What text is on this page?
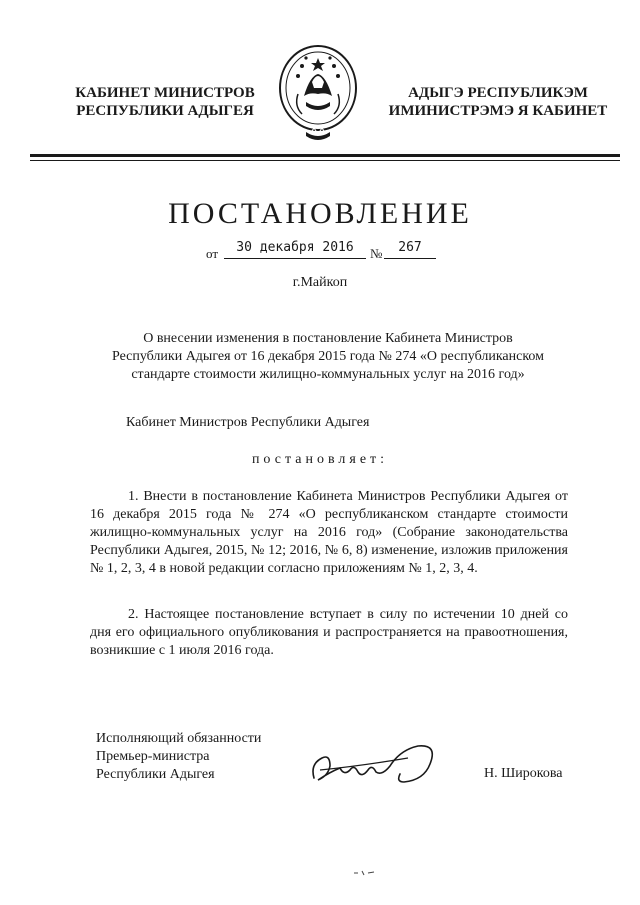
КАБИНЕТ МИНИСТРОВ
РЕСПУБЛИКИ АДЫГЕЯ
АДЫГЭ РЕСПУБЛИКЭМ
ИМИНИСТРЭМЭ Я КАБИНЕТ
ПОСТАНОВЛЕНИЕ
от	30 декабря 2016	№	267
г.Майкоп
О внесении изменения в постановление Кабинета Министров
Республики Адыгея от 16 декабря 2015 года № 274 «О республиканском
стандарте стоимости жилищно-коммунальных услуг на 2016 год»
Кабинет Министров Республики Адыгея
постановляет:
1. Внести в постановление Кабинета Министров Республики Адыгея от 16 декабря 2015 года № 274 «О республиканском стандарте стоимости жилищно-коммунальных услуг на 2016 год» (Собрание законодательства Республики Адыгея, 2015, № 12; 2016, № 6, 8) изменение, изложив приложения № 1, 2, 3, 4 в новой редакции согласно приложениям № 1, 2, 3, 4.
2. Настоящее постановление вступает в силу по истечении 10 дней со дня его официального опубликования и распространяется на правоотношения, возникшие с 1 июля 2016 года.
Исполняющий обязанности
Премьер-министра
Республики Адыгея	Н. Широкова
